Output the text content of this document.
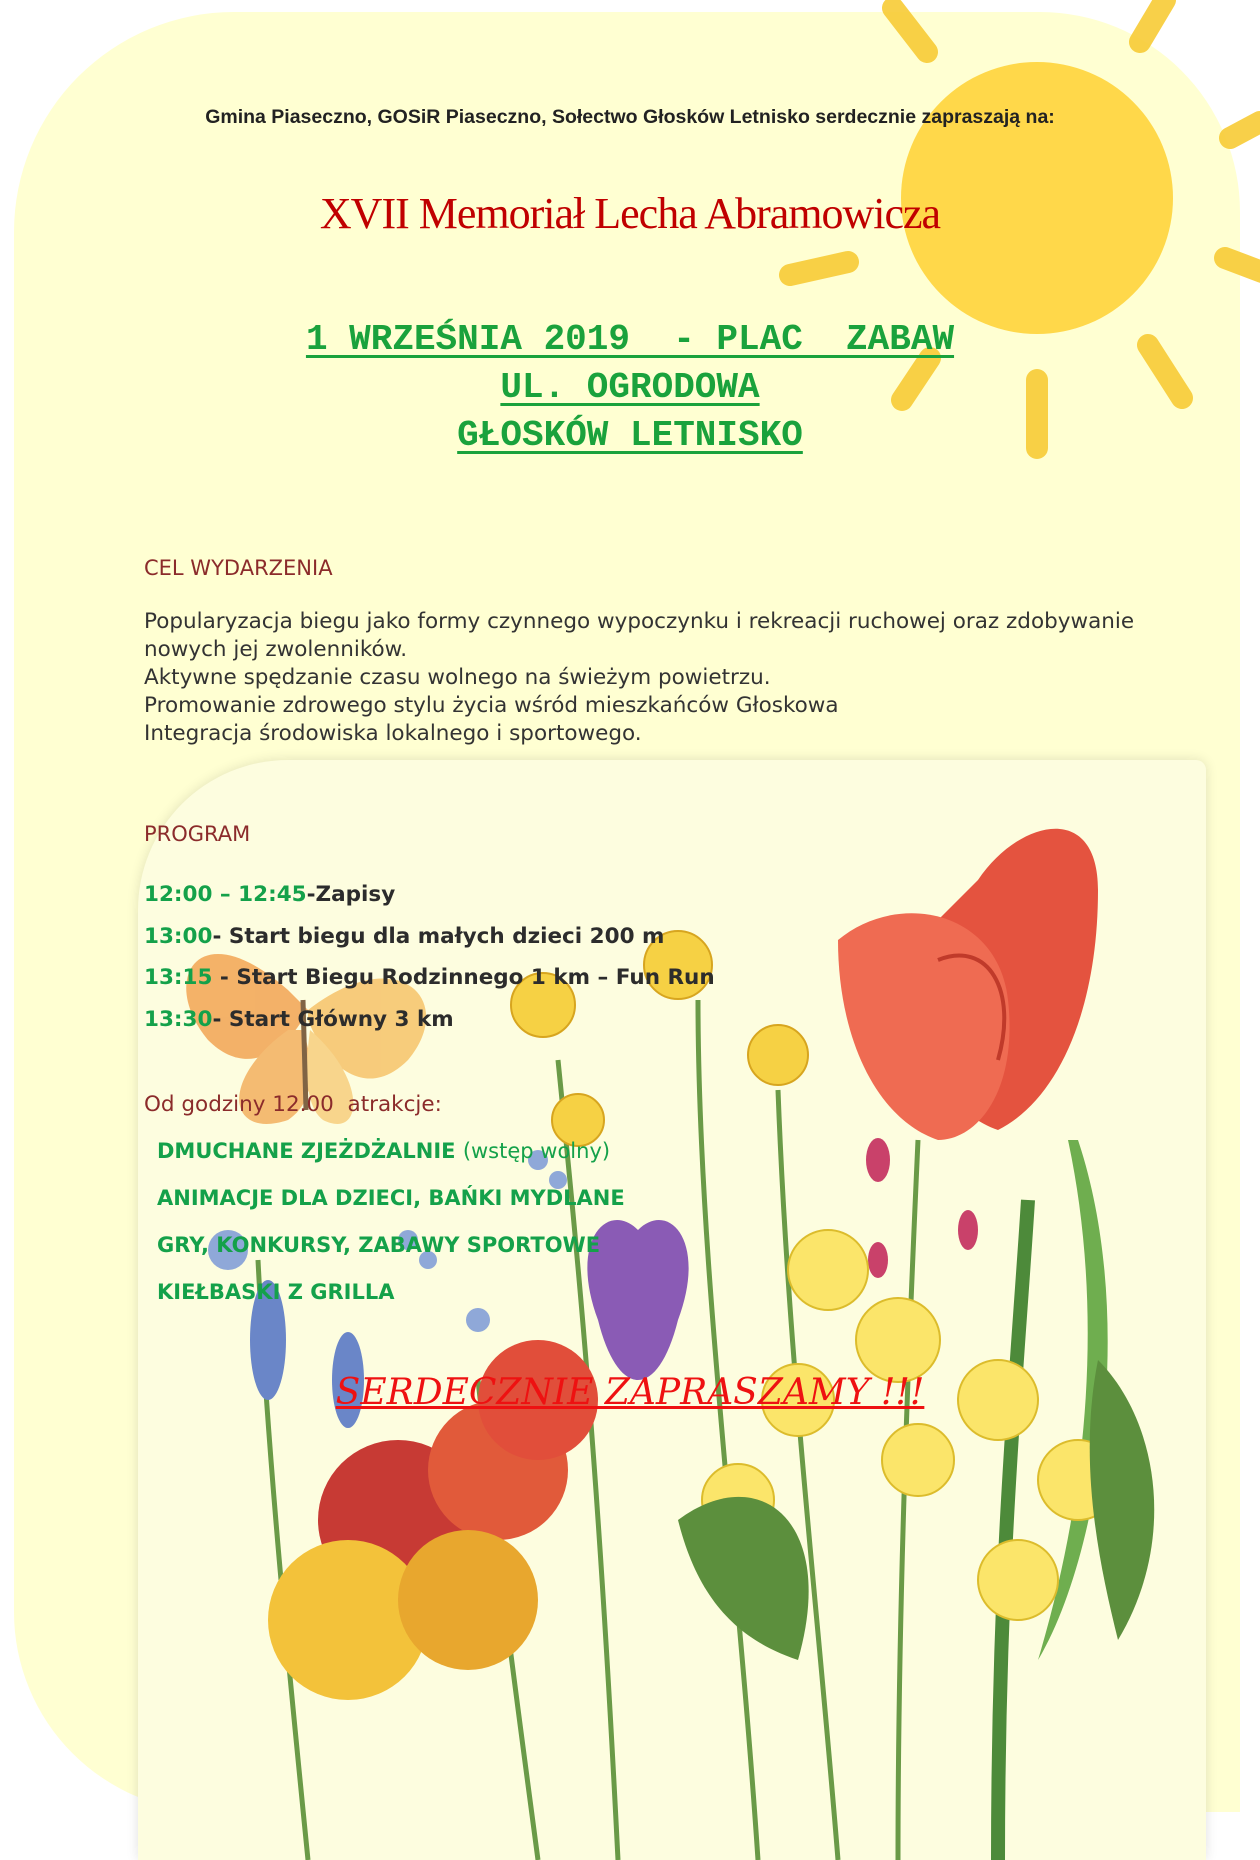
Gmina Piaseczno, GOSiR Piaseczno, Sołectwo Głosków Letnisko serdecznie zapraszają na:
XVII Memoriał Lecha Abramowicza
1 WRZEŚNIA 2019  - PLAC  ZABAW
UL. OGRODOWA
GŁOSKÓW LETNISKO
CEL WYDARZENIA
Popularyzacja biegu jako formy czynnego wypoczynku i rekreacji ruchowej oraz zdobywanie
nowych jej zwolenników.
Aktywne spędzanie czasu wolnego na świeżym powietrzu.
Promowanie zdrowego stylu życia wśród mieszkańców Głoskowa
Integracja środowiska lokalnego i sportowego.
PROGRAM
12:00 – 12:45-Zapisy
13:00- Start biegu dla małych dzieci 200 m
13:15 - Start Biegu Rodzinnego 1 km – Fun Run
13:30- Start Główny 3 km
Od godziny 12.00  atrakcje:
DMUCHANE ZJEŻDŻALNIE (wstęp wolny)
ANIMACJE DLA DZIECI, BAŃKI MYDLANE
GRY, KONKURSY, ZABAWY SPORTOWE
KIEŁBASKI Z GRILLA
SERDECZNIE ZAPRASZAMY !!!
